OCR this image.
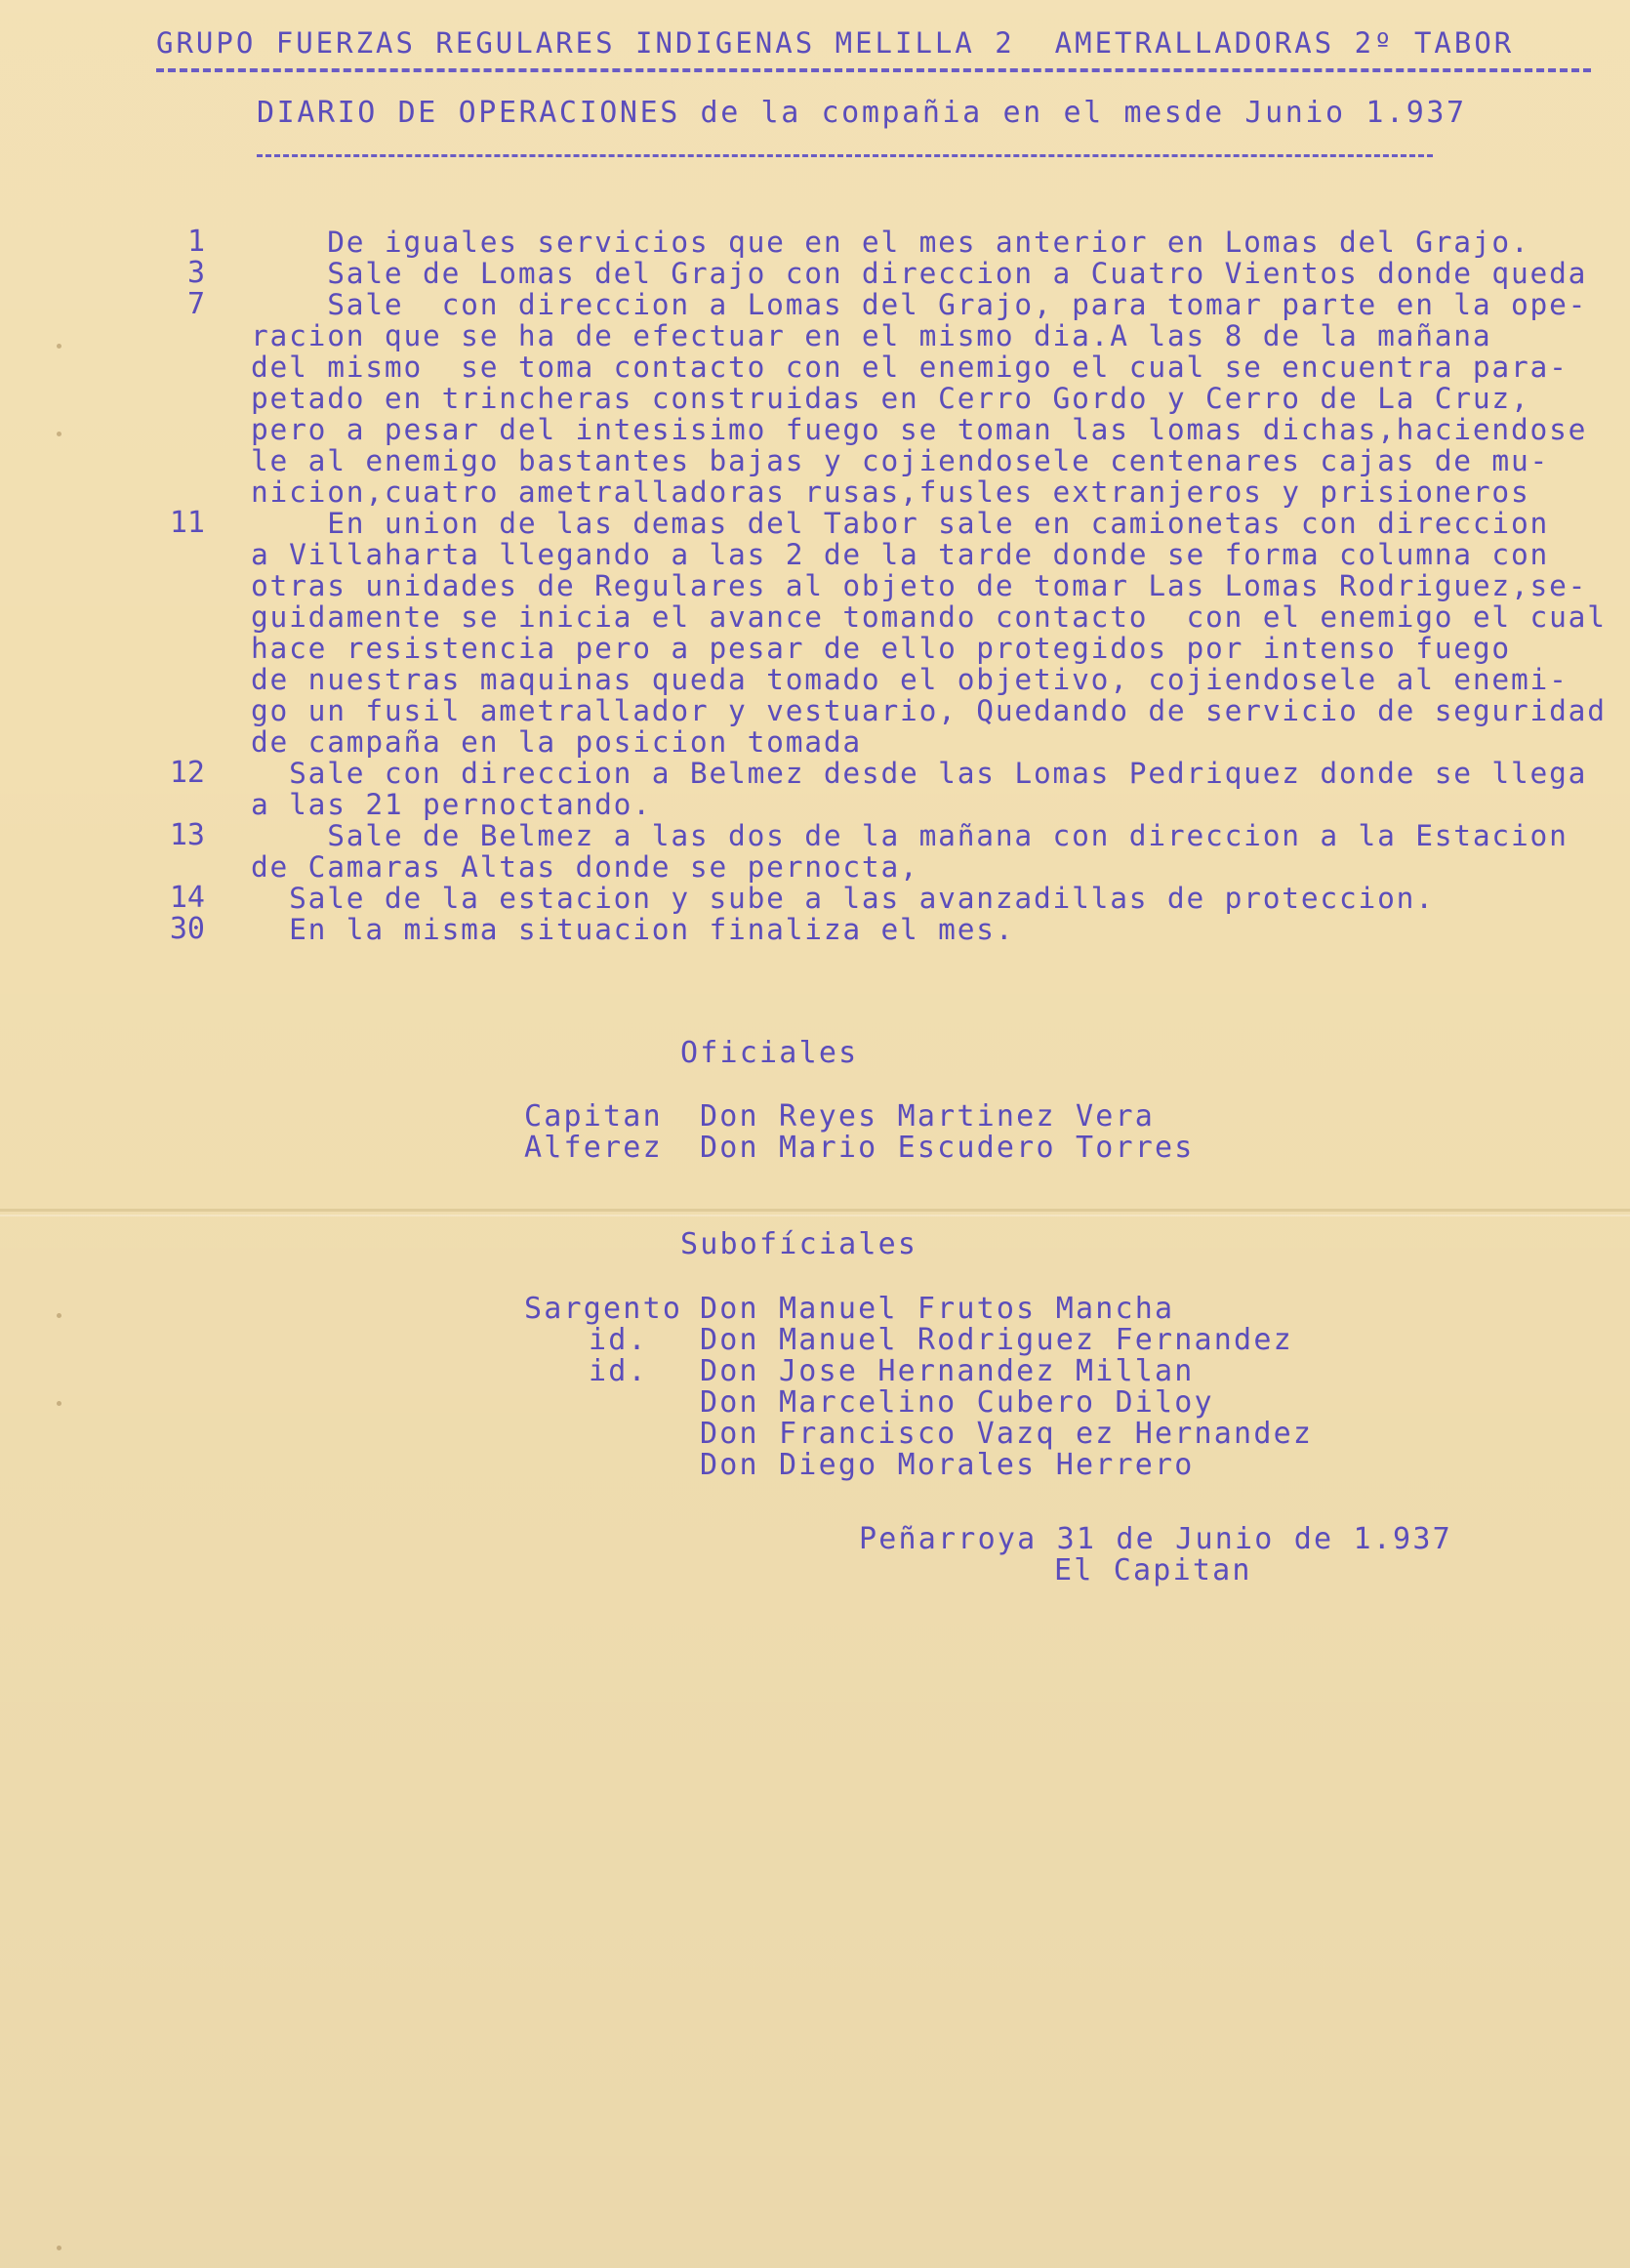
GRUPO FUERZAS REGULARES INDIGENAS MELILLA 2  AMETRALLADORAS 2º TABOR
DIARIO DE OPERACIONES de la compañia en el mesde Junio 1.937
1 De iguales servicios que en el mes anterior en Lomas del Grajo.
3 Sale de Lomas del Grajo con direccion a Cuatro Vientos donde queda
7 Sale  con direccion a Lomas del Grajo, para tomar parte en la ope-
racion que se ha de efectuar en el mismo dia.A las 8 de la mañana
del mismo  se toma contacto con el enemigo el cual se encuentra para-
petado en trincheras construidas en Cerro Gordo y Cerro de La Cruz,
pero a pesar del intesisimo fuego se toman las lomas dichas,haciendose
le al enemigo bastantes bajas y cojiendosele centenares cajas de mu-
nicion,cuatro ametralladoras rusas,fusles extranjeros y prisioneros
11 En union de las demas del Tabor sale en camionetas con direccion
a Villaharta llegando a las 2 de la tarde donde se forma columna con
otras unidades de Regulares al objeto de tomar Las Lomas Rodriguez,se-
guidamente se inicia el avance tomando contacto  con el enemigo el cual
hace resistencia pero a pesar de ello protegidos por intenso fuego
de nuestras maquinas queda tomado el objetivo, cojiendosele al enemi-
go un fusil ametrallador y vestuario, Quedando de servicio de seguridad
de campaña en la posicion tomada
12 Sale con direccion a Belmez desde las Lomas Pedriquez donde se llega
a las 21 pernoctando.
13 Sale de Belmez a las dos de la mañana con direccion a la Estacion
de Camaras Altas donde se pernocta,
14 Sale de la estacion y sube a las avanzadillas de proteccion.
30 En la misma situacion finaliza el mes.
Oficiales
Capitan Don Reyes Martinez Vera
Alferez Don Mario Escudero Torres
Subofíciales
Sargento Don Manuel Frutos Mancha
id. Don Manuel Rodriguez Fernandez
id. Don Jose Hernandez Millan
Don Marcelino Cubero Diloy
Don Francisco Vazq ez Hernandez
Don Diego Morales Herrero
Peñarroya 31 de Junio de 1.937
El Capitan
